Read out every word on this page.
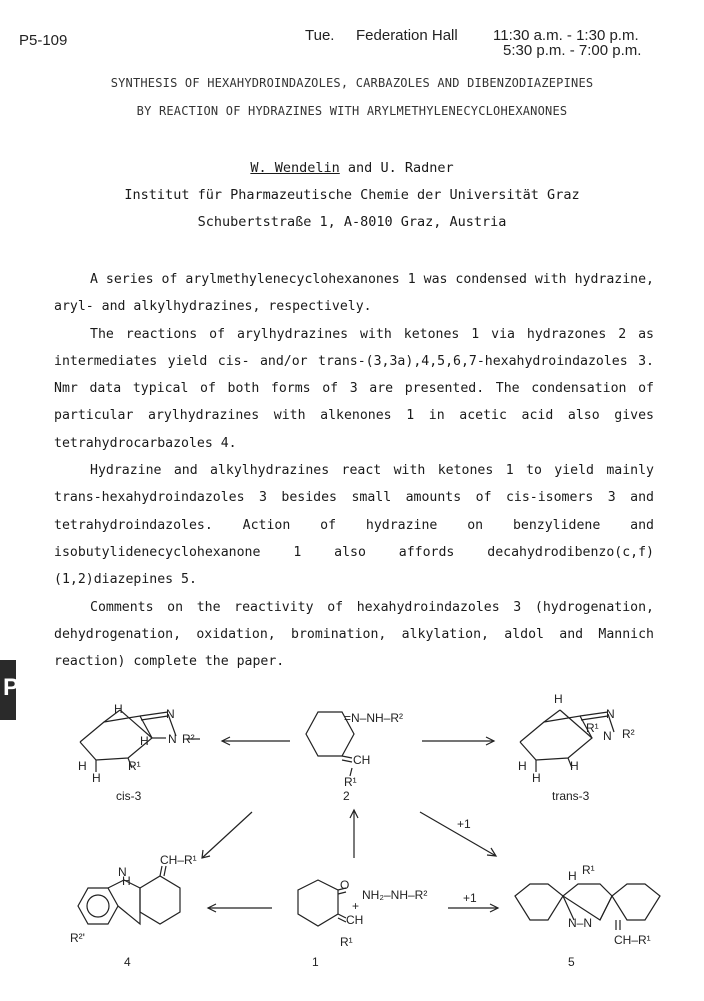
P5-109	Tue. Federation Hall 11:30 a.m. - 1:30 p.m.
5:30 p.m. - 7:00 p.m.
SYNTHESIS OF HEXAHYDROINDAZOLES, CARBAZOLES AND DIBENZODIAZEPINES
BY REACTION OF HYDRAZINES WITH ARYLMETHYLENECYCLOHEXANONES
W. Wendelin and U. Radner
Institut für Pharmazeutische Chemie der Universität Graz
Schubertstraße 1, A-8010 Graz, Austria

A series of arylmethylenecyclohexanones 1 was condensed with hydrazine, aryl- and alkylhydrazines, respectively.

The reactions of arylhydrazines with ketones 1 via hydrazones 2 as intermediates yield cis- and/or trans-(3,3a),4,5,6,7-hexahydroindazoles 3. Nmr data typical of both forms of 3 are presented. The condensation of particular arylhydrazines with alkenones 1 in acetic acid also gives tetrahydrocarbazoles 4.

Hydrazine and alkylhydrazines react with ketones 1 to yield mainly trans-hexahydroindazoles 3 besides small amounts of cis-isomers 3 and tetrahydroindazoles. Action of hydrazine on benzylidene and isobutylidenecyclohexanone 1 also affords decahydrodibenzo(c,f)(1,2)diazepines 5.

Comments on the reactivity of hexahydroindazoles 3 (hydrogenation, dehydrogenation, oxidation, bromination, alkylation, aldol and Mannich reaction) complete the paper.

P
H	N
H N R²
H
H
R¹
cis-3
=N–NH–R²
CH
R¹
2
H
N
R¹
N R²
H
H
H
trans-3
N
H
CH–R¹
R²'
4
O
CH
R¹
+
NH₂–NH–R²
1
H R¹
N–N
CH–R¹
5
+1
+1
